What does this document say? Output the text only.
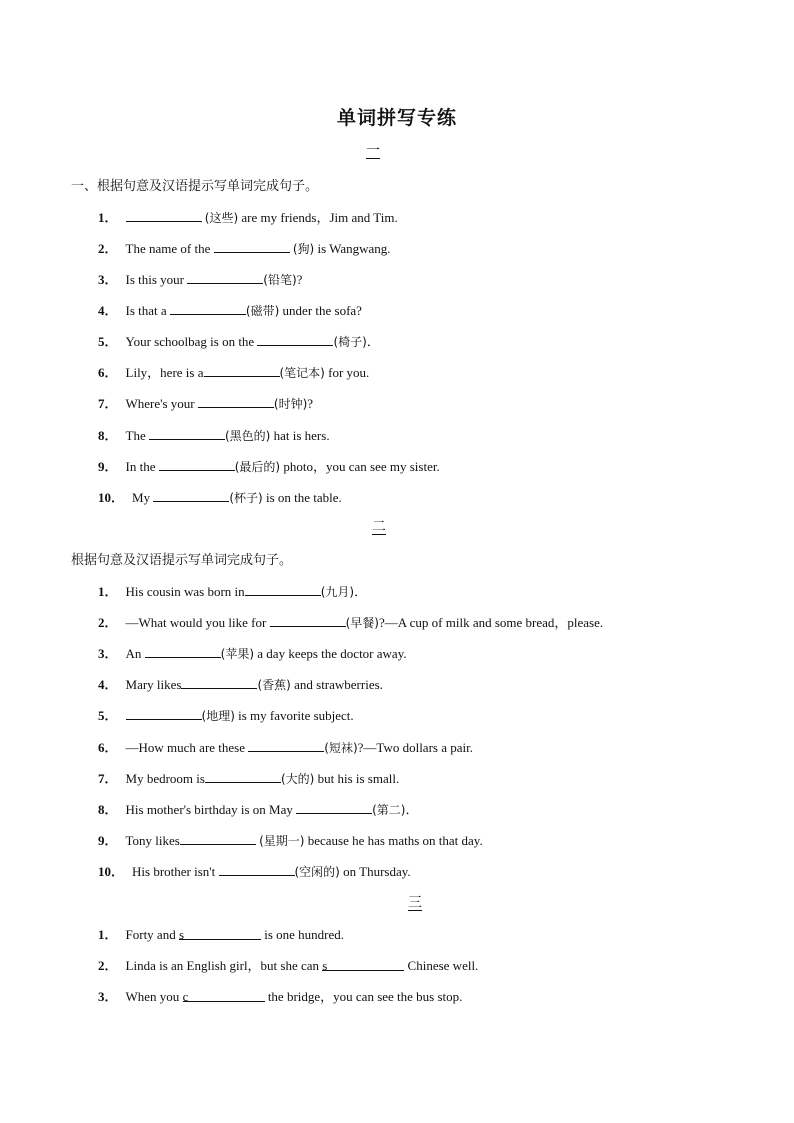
单词拼写专练
一
一、根据句意及汉语提示写单词完成句子。
1．	(这些) are my friends，Jim and Tim.
2． The name of the	(狗) is Wangwang.
3． Is this your	(铅笔)?
4． Is that a	(磁带) under the sofa?
5． Your schoolbag is on the	(椅子)．
6． Lily，here is a	(笔记本) for you.
7． Where's your	(时钟)?
8． The	(黑色的) hat is hers.
9． In the	(最后的) photo，you can see my sister.
10． My	(杯子) is on the table.
二
根据句意及汉语提示写单词完成句子。
1． His cousin was born in	(九月)．
2． —What would you like for	(早餐)?—A cup of milk and some bread，please.
3． An	(苹果) a day keeps the doctor away.
4． Mary likes	(香蕉) and strawberries.
5．	(地理) is my favorite subject.
6． —How much are these	(短袜)?—Two dollars a pair.
7． My bedroom is	(大的) but his is small.
8． His mother's birthday is on May	(第二)．
9． Tony likes	(星期一) because he has maths on that day.
10． His brother isn't	(空闲的) on Thursday.
三
1． Forty and s	is one hundred.
2． Linda is an English girl，but she can s	Chinese well.
3． When you c	the bridge，you can see the bus stop.
